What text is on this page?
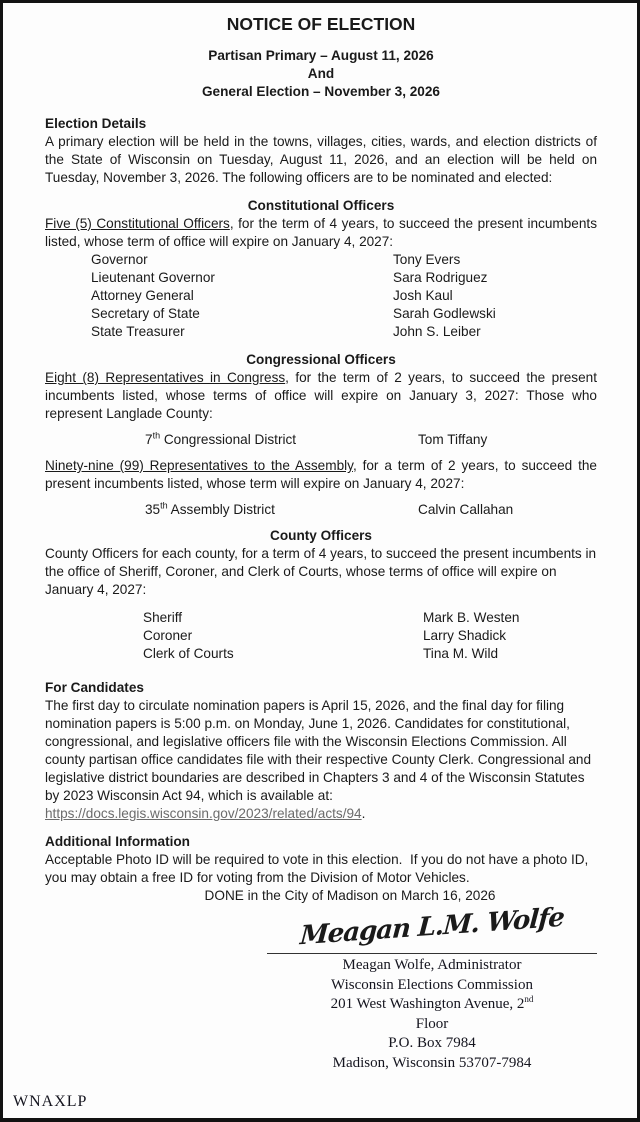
NOTICE OF ELECTION
Partisan Primary – August 11, 2026
And
General Election – November 3, 2026
Election Details
A primary election will be held in the towns, villages, cities, wards, and election districts of the State of Wisconsin on Tuesday, August 11, 2026, and an election will be held on Tuesday, November 3, 2026. The following officers are to be nominated and elected:
Constitutional Officers
Five (5) Constitutional Officers, for the term of 4 years, to succeed the present incumbents listed, whose term of office will expire on January 4, 2027:
Governor	Tony Evers
Lieutenant Governor	Sara Rodriguez
Attorney General	Josh Kaul
Secretary of State	Sarah Godlewski
State Treasurer	John S. Leiber
Congressional Officers
Eight (8) Representatives in Congress, for the term of 2 years, to succeed the present incumbents listed, whose terms of office will expire on January 3, 2027: Those who represent Langlade County:
7th Congressional District	Tom Tiffany
Ninety-nine (99) Representatives to the Assembly, for a term of 2 years, to succeed the present incumbents listed, whose term will expire on January 4, 2027:
35th Assembly District	Calvin Callahan
County Officers
County Officers for each county, for a term of 4 years, to succeed the present incumbents in the office of Sheriff, Coroner, and Clerk of Courts, whose terms of office will expire on January 4, 2027:
Sheriff	Mark B. Westen
Coroner	Larry Shadick
Clerk of Courts	Tina M. Wild
For Candidates
The first day to circulate nomination papers is April 15, 2026, and the final day for filing nomination papers is 5:00 p.m. on Monday, June 1, 2026. Candidates for constitutional, congressional, and legislative officers file with the Wisconsin Elections Commission. All county partisan office candidates file with their respective County Clerk. Congressional and legislative district boundaries are described in Chapters 3 and 4 of the Wisconsin Statutes by 2023 Wisconsin Act 94, which is available at: https://docs.legis.wisconsin.gov/2023/related/acts/94.
Additional Information
Acceptable Photo ID will be required to vote in this election.  If you do not have a photo ID, you may obtain a free ID for voting from the Division of Motor Vehicles.
DONE in the City of Madison on March 16, 2026
Meagan L.M. Wolfe
Meagan Wolfe, Administrator
Wisconsin Elections Commission
201 West Washington Avenue, 2nd
Floor
P.O. Box 7984
Madison, Wisconsin 53707-7984
WNAXLP
